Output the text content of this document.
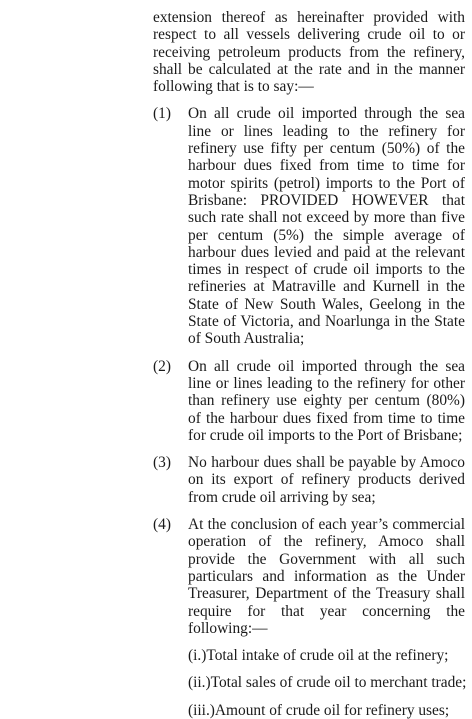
extension thereof as hereinafter provided with respect to all vessels delivering crude oil to or receiving petroleum products from the refinery, shall be calculated at the rate and in the manner following that is to say:—

(1)	On all crude oil imported through the sea line or lines leading to the refinery for refinery use fifty per centum (50%) of the harbour dues fixed from time to time for motor spirits (petrol) imports to the Port of Brisbane: PROVIDED HOWEVER that such rate shall not exceed by more than five per centum (5%) the simple average of harbour dues levied and paid at the relevant times in respect of crude oil imports to the refineries at Matraville and Kurnell in the State of New South Wales, Geelong in the State of Victoria, and Noarlunga in the State of South Australia;

(2)	On all crude oil imported through the sea line or lines leading to the refinery for other than refinery use eighty per centum (80%) of the harbour dues fixed from time to time for crude oil imports to the Port of Brisbane;

(3)	No harbour dues shall be payable by Amoco on its export of refinery products derived from crude oil arriving by sea;

(4)	At the conclusion of each year’s commercial operation of the refinery, Amoco shall provide the Government with all such particulars and information as the Under Treasurer, Department of the Treasury shall require for that year concerning the following:—

(i.)Total intake of crude oil at the refinery;

(ii.)Total sales of crude oil to merchant trade;

(iii.)Amount of crude oil for refinery uses;
